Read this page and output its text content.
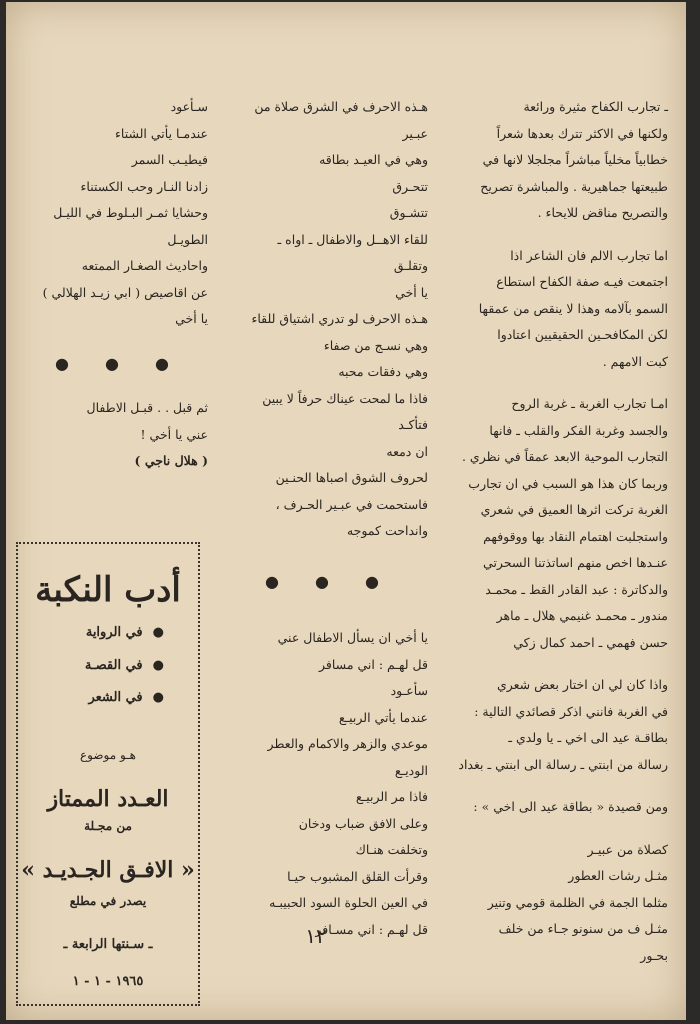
ـ تجارب الكفاح مثيرة ورائعة

ولكنها في الاكثر تترك بعدها شعراً

خطابياً مخلياً مباشراً مجلجلا لانها في

طبيعتها جماهيرية . والمباشرة تصريح

والتصريح مناقض للايحاء .

اما تجارب الالم فان الشاعر اذا

اجتمعت فيـه صفة الكفاح استطاع

السمو بآلامه وهذا لا ينقص من عمقها

لكن المكافحـين الحقيقيين اعتادوا

كبت الامهم .

امـا تجارب الغربة ـ غربة الروح

والجسد وغربة الفكر والقلب ـ فانها

التجارب الموحية الابعد عمقاً في نظري .

وربما كان هذا هو السبب في ان تجارب

الغربة تركت اثرها العميق في شعري

واستجلبت اهتمام النقاد بها ووقوفهم

عنـدها اخص منهم اساتذتنا السحرتي

والدكاترة : عبد القادر القط ـ محمـد

مندور ـ محمـد غنيمي هلال ـ ماهر

حسن فهمي ـ احمد كمال زكي

واذا كان لي ان اختار بعض شعري

في الغربة فانني اذكر قصائدي التالية :

بطاقـة عيد الى اخي ـ يا ولدي ـ

رسالة من ابنتي ـ رسالة الى ابنتي ـ بغداد

ومن قصيدة « بطاقة عيد الى اخي » :

كصلاة من عبيـر

مثـل رشات العطور

مثلما الجمة في الظلمة قومي وتنير

مثـل ف من سنونو جـاء من خلف

بحـور

هـذه الاحرف في الشرق صلاة من

عبـير

وهي في العيـد بطاقه

تتحـرق

تتشـوق

للقاء الاهــل والاطفال ـ اواه ـ

وتقلـق

يا أخي

هـذه الاحرف لو تدري اشتياق للقاء

وهي نسـج من صفاء

وهي دفقات محبه

فاذا ما لمحت عيناك حرفاً لا يبين

فتأكـد

ان دمعه

لحروف الشوق اصباها الحنـين

فاستحمت في عبـير الحـرف ،

وانداحت كموجه

● ● ●

يا أخي ان يسأل الاطفال عني

قل لهـم : اني مسافر

سأعـود

عندما يأتي الربيـع

موعدي والزهر والاكمام والعطر

الوديـع

فاذا مر الربيـع

وعلى الافق ضباب ودخان

وتخلفت هنـاك

وقرأت القلق المشبوب حيـا

في العين الحلوة السود الحبيبـه

قل لهـم : اني مسـافر

سـأعود

عندمـا يأتي الشتاء

فيطيـب السمر

زادنا النـار وحب الكستناء

وحشايا ثمـر البـلوط في الليـل

الطويـل

واحاديث الصغـار الممتعه

عن اقاصيص ( ابي زيـد الهلالي )

يا أخي

● ● ●

ثم قبل . . قبـل الاطفال

عني يا أخي !

( هلال ناجي )

أدب النكبة

●في الرواية

●في القصـة

●في الشعر

هـو موضوع
العـدد الممتاز
من مجـلة
« الافـق الجـديـد »
يصدر في مطلع
ـ سـنتها الرابعة ـ
١٩٦٥ - ١ - ١
١٢
